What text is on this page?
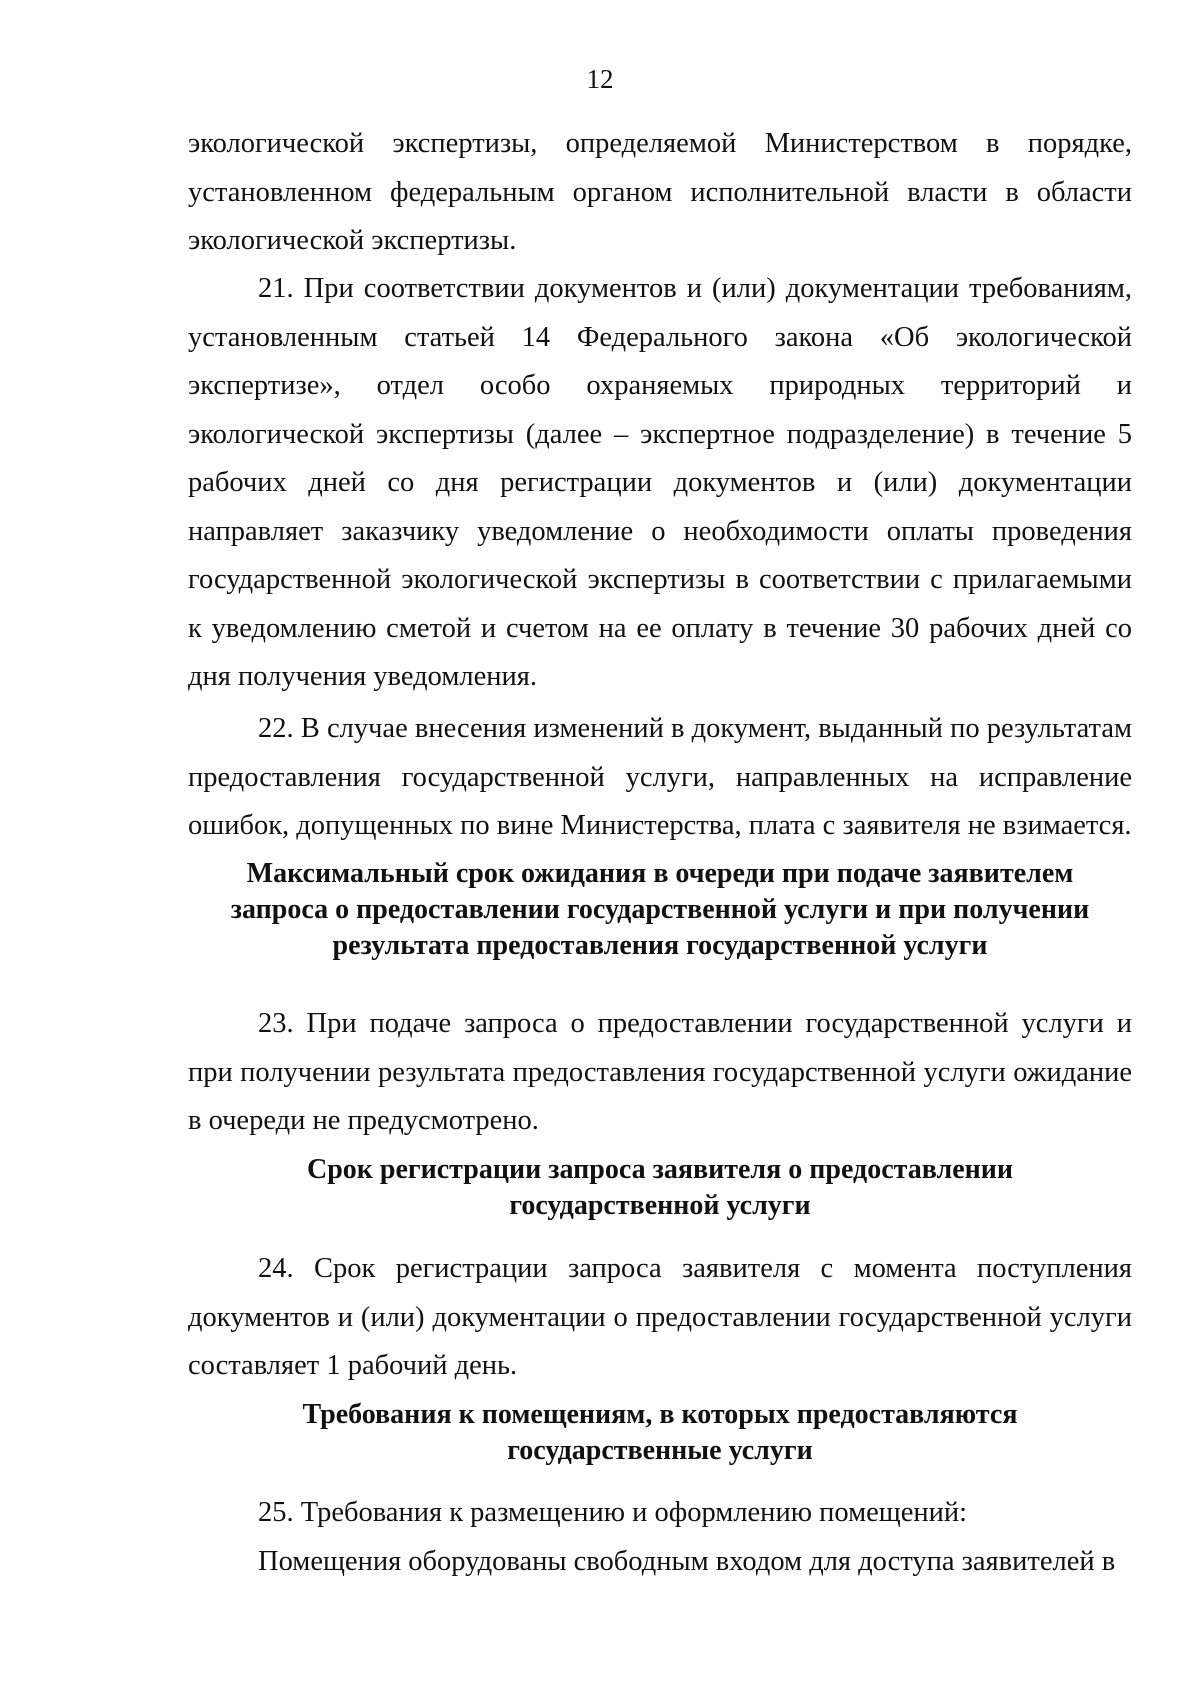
12

экологической экспертизы, определяемой Министерством в порядке, установленном федеральным органом исполнительной власти в области экологической экспертизы.

21. При соответствии документов и (или) документации требованиям, установленным статьей 14 Федерального закона «Об экологической экспертизе», отдел особо охраняемых природных территорий и экологической экспертизы (далее – экспертное подразделение) в течение 5 рабочих дней со дня регистрации документов и (или) документации направляет заказчику уведомление о необходимости оплаты проведения государственной экологической экспертизы в соответствии с прилагаемыми к уведомлению сметой и счетом на ее оплату в течение 30 рабочих дней со дня получения уведомления.

22. В случае внесения изменений в документ, выданный по результатам предоставления государственной услуги, направленных на исправление ошибок, допущенных по вине Министерства, плата с заявителя не взимается.

Максимальный срок ожидания в очереди при подаче заявителем
запроса о предоставлении государственной услуги и при получении
результата предоставления государственной услуги

23. При подаче запроса о предоставлении государственной услуги и при получении результата предоставления государственной услуги ожидание в очереди не предусмотрено.

Срок регистрации запроса заявителя о предоставлении
государственной услуги

24. Срок регистрации запроса заявителя с момента поступления документов и (или) документации о предоставлении государственной услуги составляет 1 рабочий день.

Требования к помещениям, в которых предоставляются
государственные услуги

25. Требования к размещению и оформлению помещений:

Помещения оборудованы свободным входом для доступа заявителей в
